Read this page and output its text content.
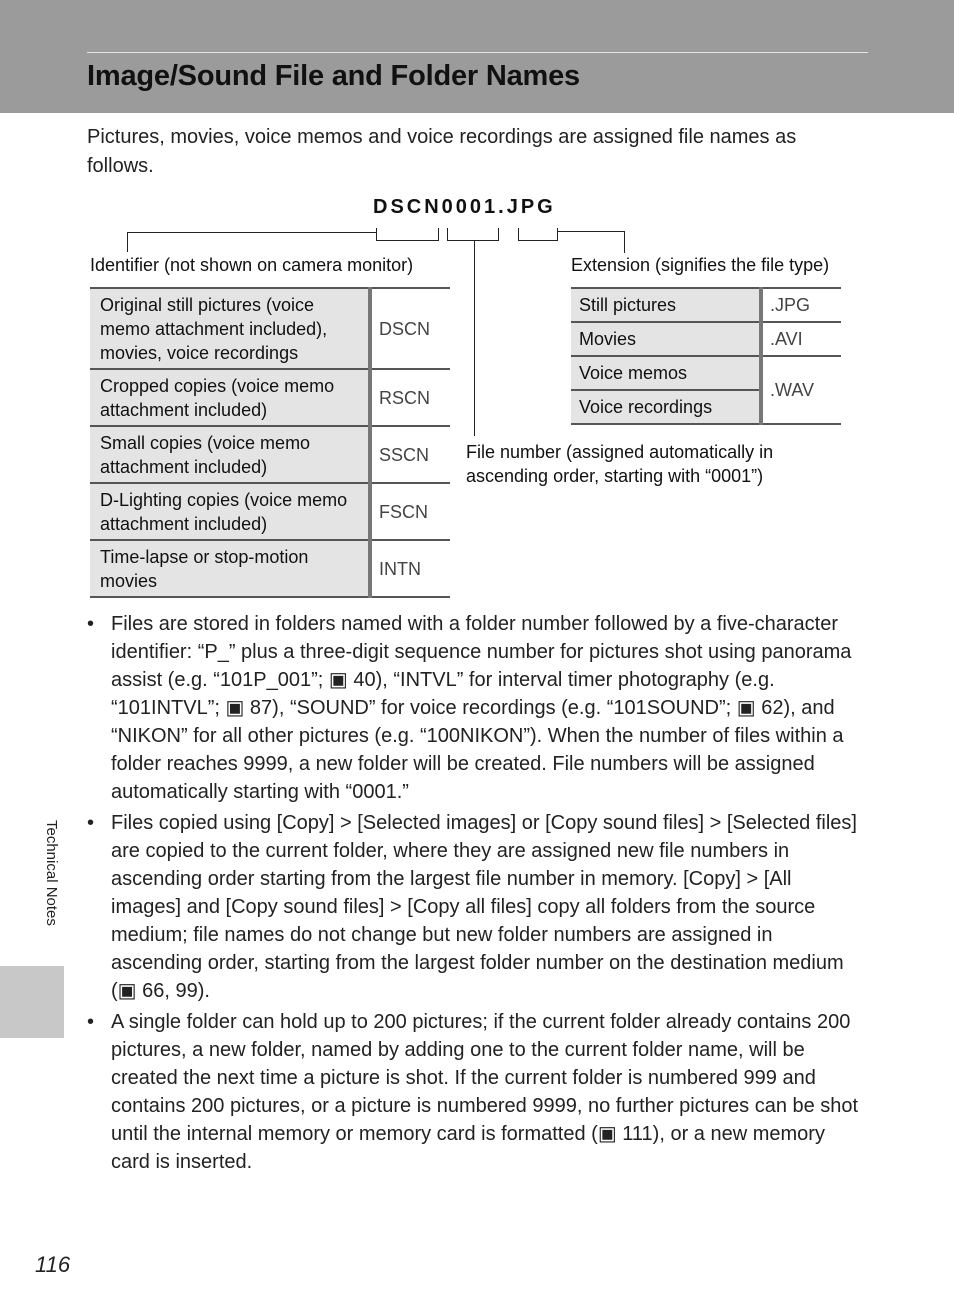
Image/Sound File and Folder Names
Pictures, movies, voice memos and voice recordings are assigned file names as follows.
DSCN0001.JPG
Identifier (not shown on camera monitor)	Extension (signifies the file type)
Original still pictures (voice memo attachment included), movies, voice recordings	DSCN
Cropped copies (voice memo attachment included)	RSCN
Small copies (voice memo attachment included)	SSCN
D-Lighting copies (voice memo attachment included)	FSCN
Time-lapse or stop-motion movies	INTN
Still pictures	.JPG
Movies	.AVI
Voice memos	.WAV
Voice recordings	
File number (assigned automatically in
ascending order, starting with “0001”)
• Files are stored in folders named with a folder number followed by a five-character identifier: “P_” plus a three-digit sequence number for pictures shot using panorama assist (e.g. “101P_001”; ▣ 40), “INTVL” for interval timer photography (e.g. “101INTVL”; ▣ 87), “SOUND” for voice recordings (e.g. “101SOUND”; ▣ 62), and “NIKON” for all other pictures (e.g. “100NIKON”). When the number of files within a folder reaches 9999, a new folder will be created. File numbers will be assigned automatically starting with “0001.”
• Files copied using [Copy] > [Selected images] or [Copy sound files] > [Selected files] are copied to the current folder, where they are assigned new file numbers in ascending order starting from the largest file number in memory. [Copy] > [All images] and [Copy sound files] > [Copy all files] copy all folders from the source medium; file names do not change but new folder numbers are assigned in ascending order, starting from the largest folder number on the destination medium (▣ 66, 99).
• A single folder can hold up to 200 pictures; if the current folder already contains 200 pictures, a new folder, named by adding one to the current folder name, will be created the next time a picture is shot. If the current folder is numbered 999 and contains 200 pictures, or a picture is numbered 9999, no further pictures can be shot until the internal memory or memory card is formatted (▣ 111), or a new memory card is inserted.
Technical Notes
116
